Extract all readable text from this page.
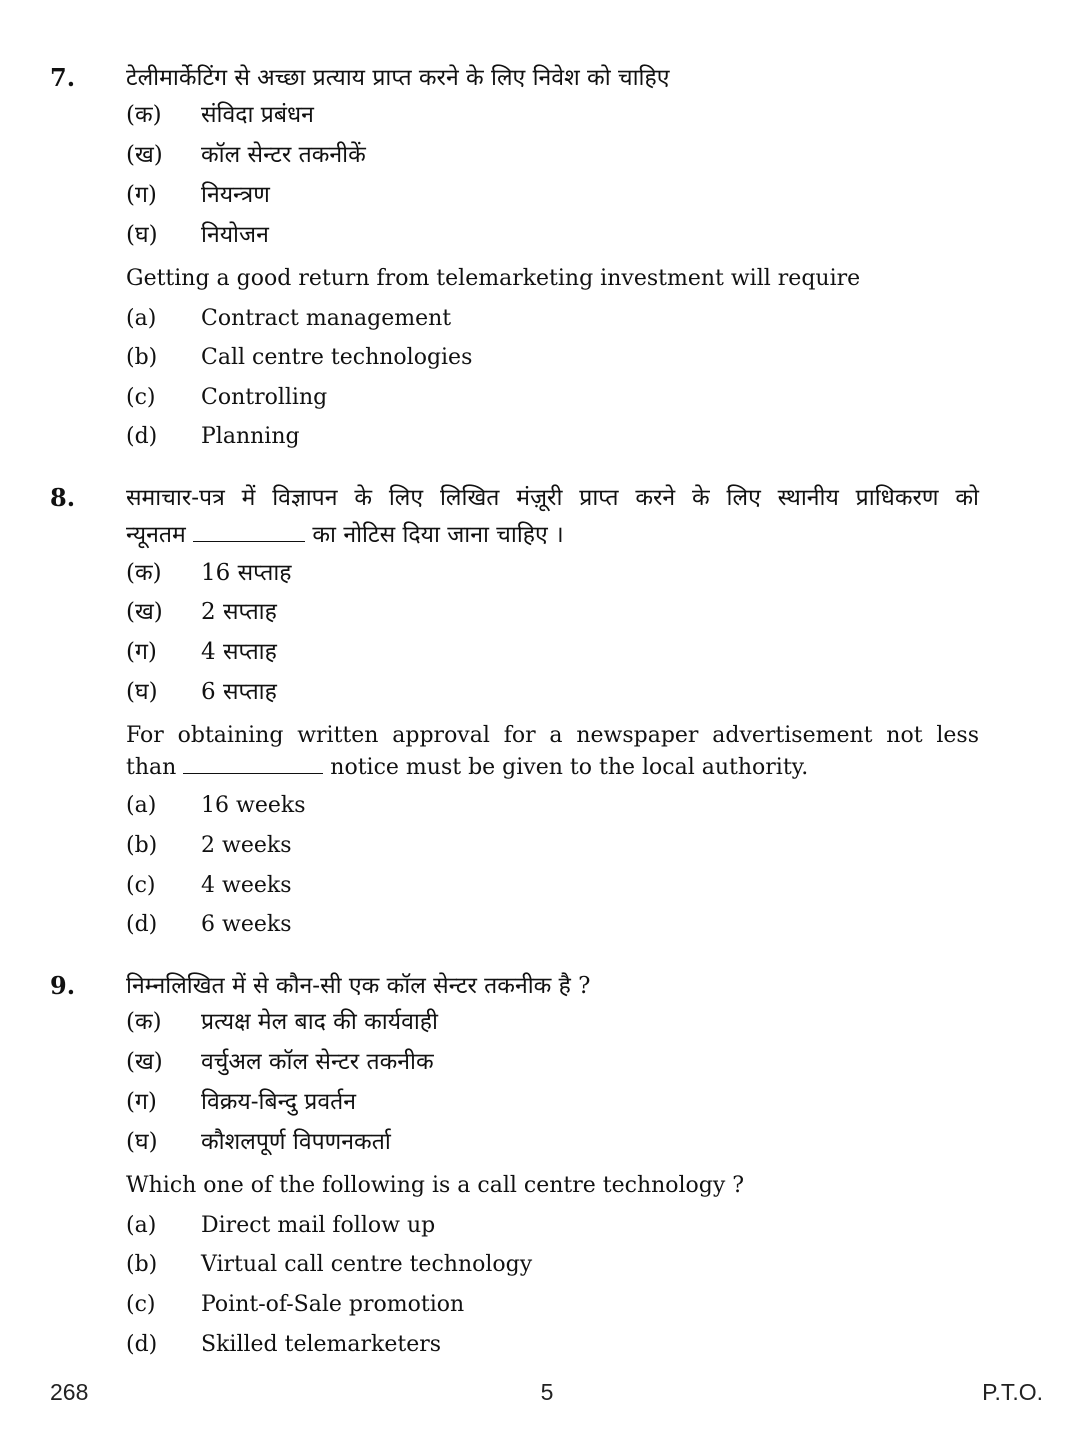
7. टेलीमार्केटिंग से अच्छा प्रत्याय प्राप्त करने के लिए निवेश को चाहिए
(क) संविदा प्रबंधन
(ख) कॉल सेन्टर तकनीकें
(ग) नियन्त्रण
(घ) नियोजन
Getting a good return from telemarketing investment will require
(a) Contract management
(b) Call centre technologies
(c) Controlling
(d) Planning
8. समाचार-पत्र में विज्ञापन के लिए लिखित मंज़ूरी प्राप्त करने के लिए स्थानीय प्राधिकरण को
न्यूनतम	का नोटिस दिया जाना चाहिए ।
(क) 16 सप्ताह
(ख) 2 सप्ताह
(ग) 4 सप्ताह
(घ) 6 सप्ताह
For obtaining written approval for a newspaper advertisement not less
than	notice must be given to the local authority.
(a) 16 weeks
(b) 2 weeks
(c) 4 weeks
(d) 6 weeks
9. निम्नलिखित में से कौन-सी एक कॉल सेन्टर तकनीक है ?
(क) प्रत्यक्ष मेल बाद की कार्यवाही
(ख) वर्चुअल कॉल सेन्टर तकनीक
(ग) विक्रय-बिन्दु प्रवर्तन
(घ) कौशलपूर्ण विपणनकर्ता
Which one of the following is a call centre technology ?
(a) Direct mail follow up
(b) Virtual call centre technology
(c) Point-of-Sale promotion
(d) Skilled telemarketers
268	5	P.T.O.
